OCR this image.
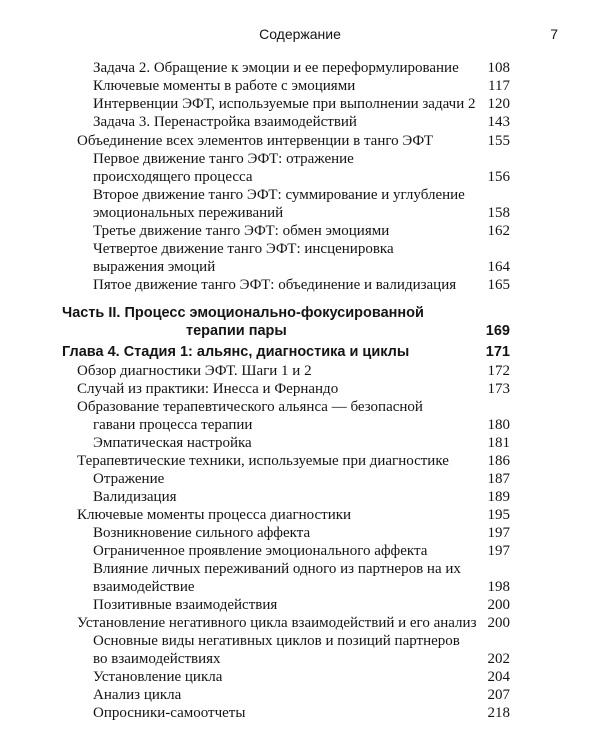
Содержание	7
Задача 2. Обращение к эмоции и ее переформулирование	108
Ключевые моменты в работе с эмоциями	117
Интервенции ЭФТ, используемые при выполнении задачи 2 120
Задача 3. Перенастройка взаимодействий	143
Объединение всех элементов интервенции в танго ЭФТ	155
Первое движение танго ЭФТ: отражение
происходящего процесса	156
Второе движение танго ЭФТ: суммирование и углубление
эмоциональных переживаний	158
Третье движение танго ЭФТ: обмен эмоциями	162
Четвертое движение танго ЭФТ: инсценировка
выражения эмоций	164
Пятое движение танго ЭФТ: объединение и валидизация	165
Часть II. Процесс эмоционально-фокусированной
терапии пары	169
Глава 4. Стадия 1: альянс, диагностика и циклы	171
Обзор диагностики ЭФТ. Шаги 1 и 2	172
Случай из практики: Инесса и Фернандо	173
Образование терапевтического альянса — безопасной
гавани процесса терапии	180
Эмпатическая настройка	181
Терапевтические техники, используемые при диагностике	186
Отражение	187
Валидизация	189
Ключевые моменты процесса диагностики	195
Возникновение сильного аффекта	197
Ограниченное проявление эмоционального аффекта	197
Влияние личных переживаний одного из партнеров на их
взаимодействие	198
Позитивные взаимодействия	200
Установление негативного цикла взаимодействий и его анализ 200
Основные виды негативных циклов и позиций партнеров
во взаимодействиях	202
Установление цикла	204
Анализ цикла	207
Опросники-самоотчеты	218
